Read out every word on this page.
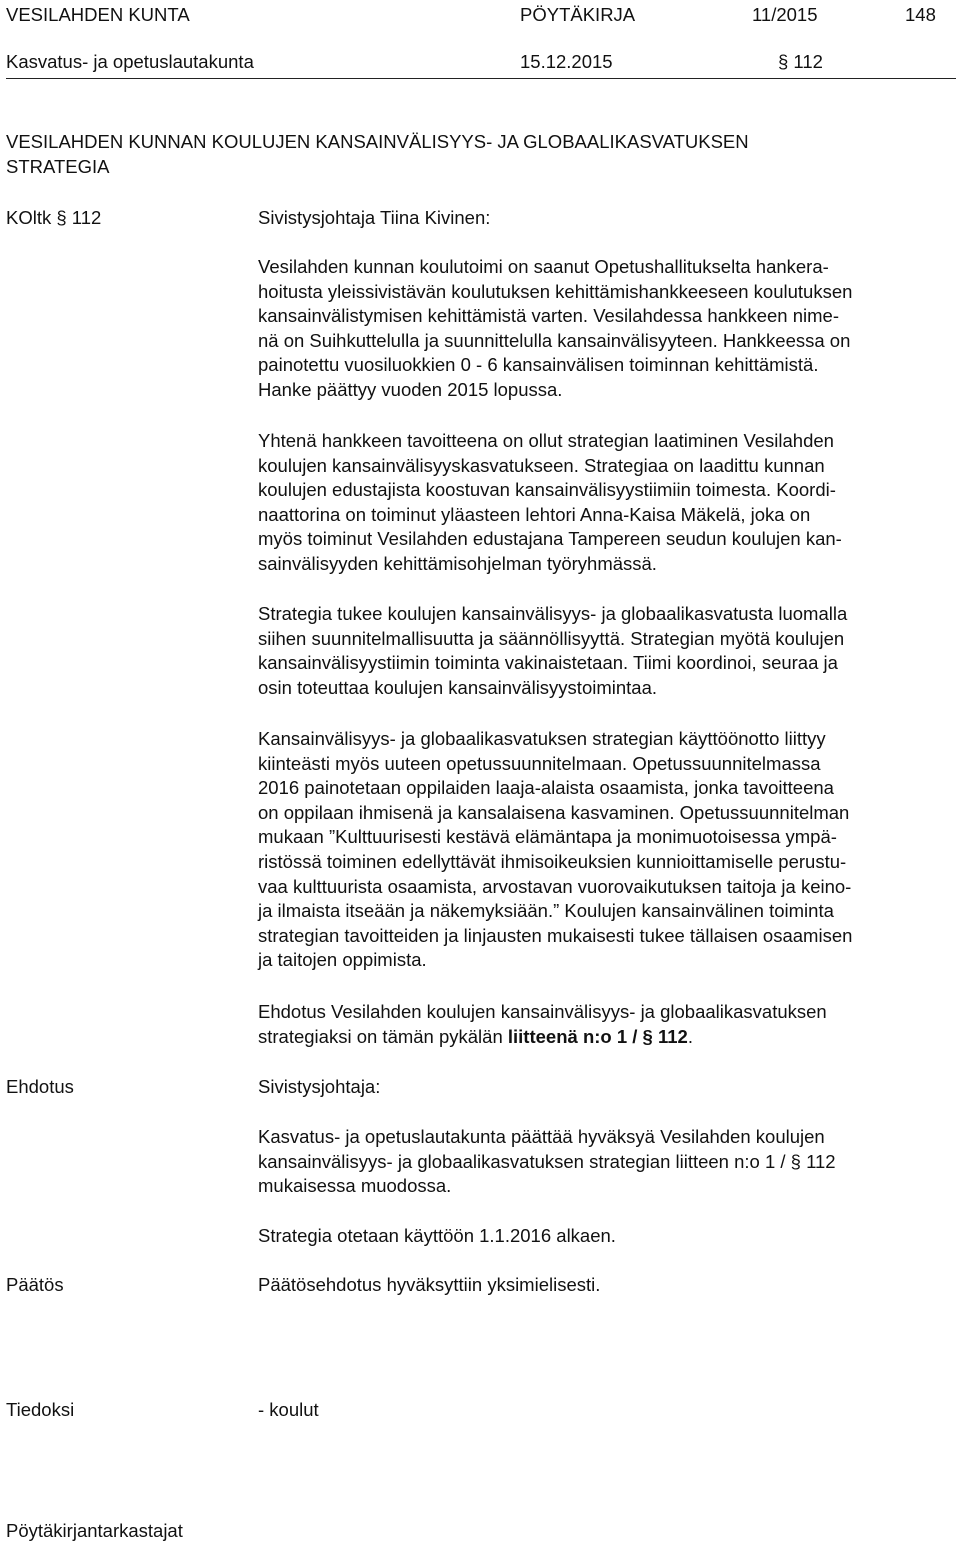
VESILAHDEN KUNTA	PÖYTÄKIRJA	11/2015	148
Kasvatus- ja opetuslautakunta	15.12.2015	§ 112
VESILAHDEN KUNNAN KOULUJEN KANSAINVÄLISYYS- JA GLOBAALIKASVATUKSEN
STRATEGIA
KOltk § 112	Sivistysjohtaja Tiina Kivinen:
Vesilahden kunnan koulutoimi on saanut Opetushallitukselta hankera-
hoitusta yleissivistävän koulutuksen kehittämishankkeeseen koulutuksen
kansainvälistymisen kehittämistä varten. Vesilahdessa hankkeen nime-
nä on Suihkuttelulla ja suunnittelulla kansainvälisyyteen. Hankkeessa on
painotettu vuosiluokkien 0 - 6 kansainvälisen toiminnan kehittämistä.
Hanke päättyy vuoden 2015 lopussa.
Yhtenä hankkeen tavoitteena on ollut strategian laatiminen Vesilahden
koulujen kansainvälisyyskasvatukseen. Strategiaa on laadittu kunnan
koulujen edustajista koostuvan kansainvälisyystiimiin toimesta. Koordi-
naattorina on toiminut yläasteen lehtori Anna-Kaisa Mäkelä, joka on
myös toiminut Vesilahden edustajana Tampereen seudun koulujen kan-
sainvälisyyden kehittämisohjelman työryhmässä.
Strategia tukee koulujen kansainvälisyys- ja globaalikasvatusta luomalla
siihen suunnitelmallisuutta ja säännöllisyyttä. Strategian myötä koulujen
kansainvälisyystiimin toiminta vakinaistetaan. Tiimi koordinoi, seuraa ja
osin toteuttaa koulujen kansainvälisyystoimintaa.
Kansainvälisyys- ja globaalikasvatuksen strategian käyttöönotto liittyy
kiinteästi myös uuteen opetussuunnitelmaan. Opetussuunnitelmassa
2016 painotetaan oppilaiden laaja-alaista osaamista, jonka tavoitteena
on oppilaan ihmisenä ja kansalaisena kasvaminen. Opetussuunnitelman
mukaan ”Kulttuurisesti kestävä elämäntapa ja monimuotoisessa ympä-
ristössä toiminen edellyttävät ihmisoikeuksien kunnioittamiselle perustu-
vaa kulttuurista osaamista, arvostavan vuorovaikutuksen taitoja ja keino-
ja ilmaista itseään ja näkemyksiään.” Koulujen kansainvälinen toiminta
strategian tavoitteiden ja linjausten mukaisesti tukee tällaisen osaamisen
ja taitojen oppimista.
Ehdotus Vesilahden koulujen kansainvälisyys- ja globaalikasvatuksen
strategiaksi on tämän pykälän liitteenä n:o 1 / § 112.
Ehdotus	Sivistysjohtaja:
Kasvatus- ja opetuslautakunta päättää hyväksyä Vesilahden koulujen
kansainvälisyys- ja globaalikasvatuksen strategian liitteen n:o 1 / § 112
mukaisessa muodossa.
Strategia otetaan käyttöön 1.1.2016 alkaen.
Päätös	Päätösehdotus hyväksyttiin yksimielisesti.
Tiedoksi	- koulut
Pöytäkirjantarkastajat
